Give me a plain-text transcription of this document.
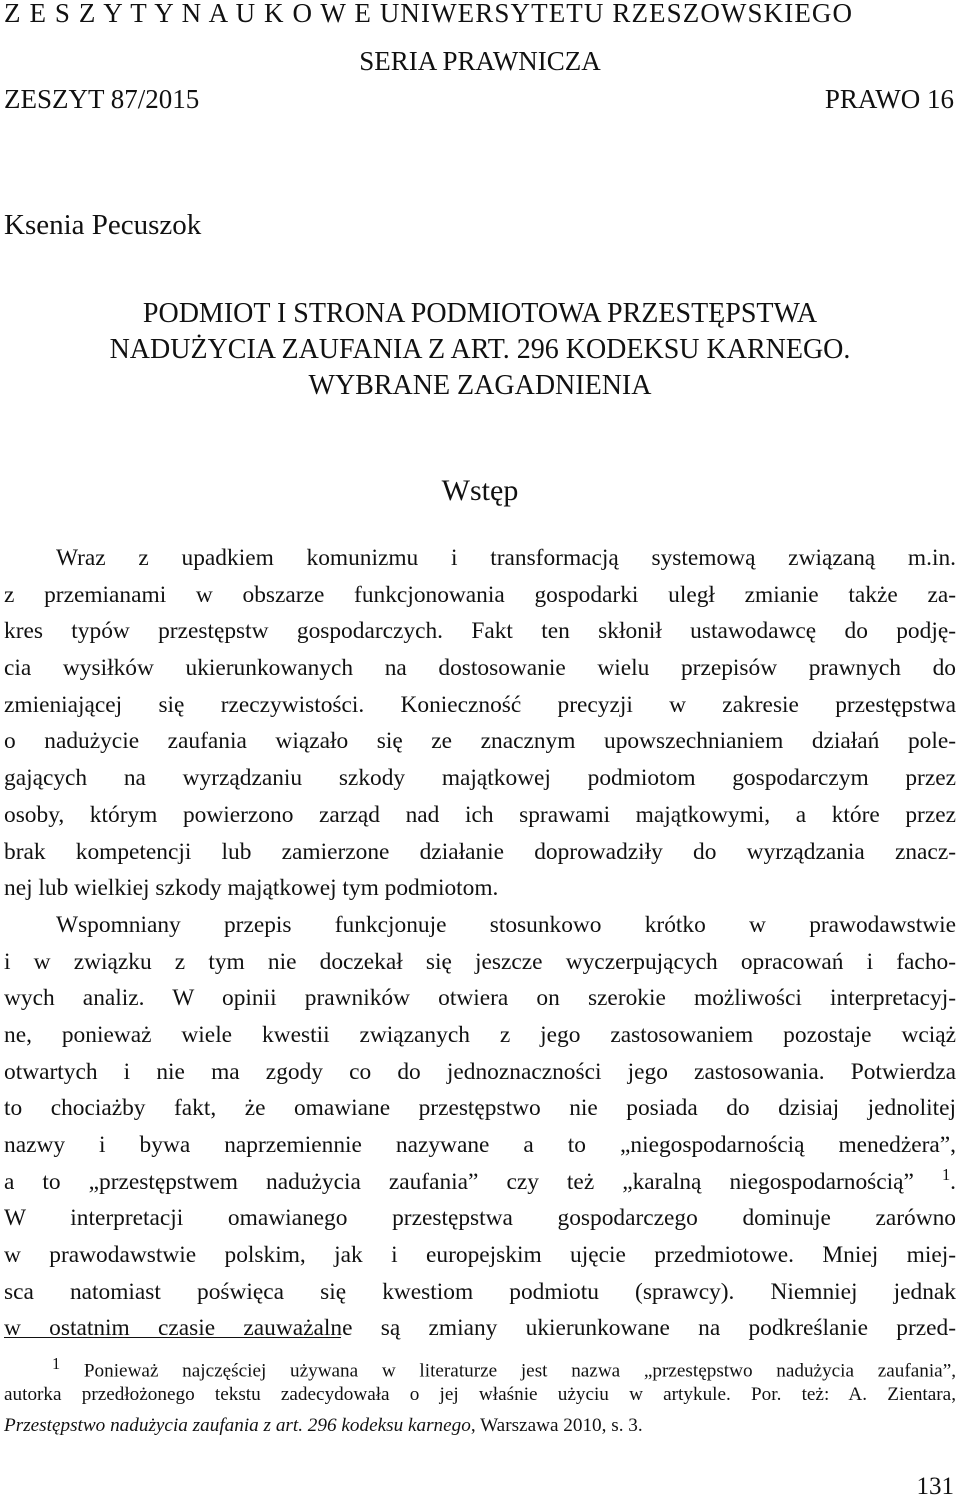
Z E S Z Y T Y N A U K O W E UNIWERSYTETU RZESZOWSKIEGO
SERIA PRAWNICZA
ZESZYT 87/2015	PRAWO 16
Ksenia Pecuszok
PODMIOT I STRONA PODMIOTOWA PRZESTĘPSTWA
NADUŻYCIA ZAUFANIA Z ART. 296 KODEKSU KARNEGO.
WYBRANE ZAGADNIENIA
Wstęp
Wraz z upadkiem komunizmu i transformacją systemową związaną m.in.
z przemianami w obszarze funkcjonowania gospodarki uległ zmianie także za-
kres typów przestępstw gospodarczych. Fakt ten skłonił ustawodawcę do podję-
cia wysiłków ukierunkowanych na dostosowanie wielu przepisów prawnych do
zmieniającej się rzeczywistości. Konieczność precyzji w zakresie przestępstwa
o nadużycie zaufania wiązało się ze znacznym upowszechnianiem działań pole-
gających na wyrządzaniu szkody majątkowej podmiotom gospodarczym przez
osoby, którym powierzono zarząd nad ich sprawami majątkowymi, a które przez
brak kompetencji lub zamierzone działanie doprowadziły do wyrządzania znacz-
nej lub wielkiej szkody majątkowej tym podmiotom.
Wspomniany przepis funkcjonuje stosunkowo krótko w prawodawstwie
i w związku z tym nie doczekał się jeszcze wyczerpujących opracowań i facho-
wych analiz. W opinii prawników otwiera on szerokie możliwości interpretacyj-
ne, ponieważ wiele kwestii związanych z jego zastosowaniem pozostaje wciąż
otwartych i nie ma zgody co do jednoznaczności jego zastosowania. Potwierdza
to chociażby fakt, że omawiane przestępstwo nie posiada do dzisiaj jednolitej
nazwy i bywa naprzemiennie nazywane a to „niegospodarnością menedżera”,
a to „przestępstwem nadużycia zaufania” czy też „karalną niegospodarnością” $^1$.
W interpretacji omawianego przestępstwa gospodarczego dominuje zarówno
w prawodawstwie polskim, jak i europejskim ujęcie przedmiotowe. Mniej miej-
sca natomiast poświęca się kwestiom podmiotu (sprawcy). Niemniej jednak
w ostatnim czasie zauważalne są zmiany ukierunkowane na podkreślanie przed-
$^1$ Ponieważ najczęściej używana w literaturze jest nazwa „przestępstwo nadużycia zaufania”,
autorka przedłożonego tekstu zadecydowała o jej właśnie użyciu w artykule. Por. też: A. Zientara,
Przestępstwo nadużycia zaufania z art. 296 kodeksu karnego, Warszawa 2010, s. 3.
131
